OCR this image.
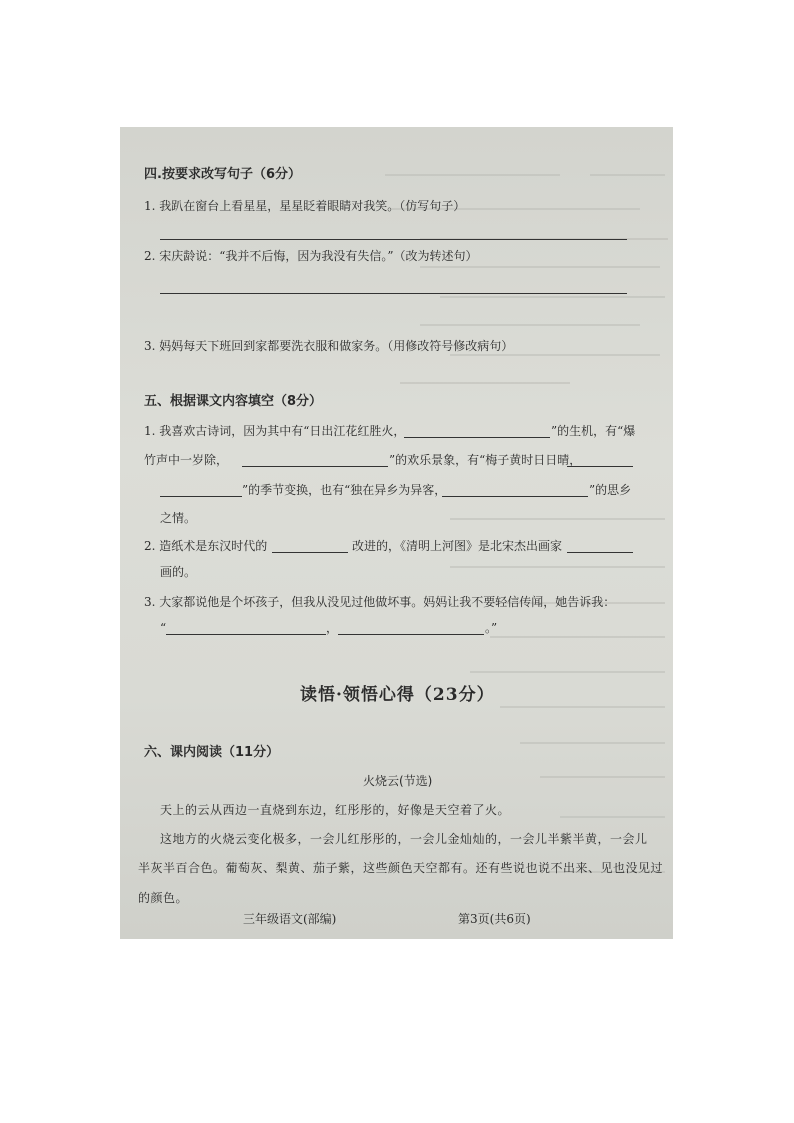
四.按要求改写句子（6分）
1. 我趴在窗台上看星星，星星眨着眼睛对我笑。（仿写句子）
2. 宋庆龄说：“我并不后悔，因为我没有失信。”（改为转述句）
3. 妈妈每天下班回到家都要洗衣服和做家务。（用修改符号修改病句）
五、根据课文内容填空（8分）
1. 我喜欢古诗词，因为其中有“日出江花红胜火，	”的生机，有“爆
竹声中一岁除，	”的欢乐景象，有“梅子黄时日日晴，
”的季节变换，也有“独在异乡为异客，	”的思乡
之情。
2. 造纸术是东汉时代的	改进的，《清明上河图》是北宋杰出画家
画的。
3. 大家都说他是个坏孩子，但我从没见过他做坏事。妈妈让我不要轻信传闻，她告诉我：
“	，	。”
读悟·领悟心得（23分）
六、课内阅读（11分）
火烧云(节选)
天上的云从西边一直烧到东边，红彤彤的，好像是天空着了火。
这地方的火烧云变化极多，一会儿红彤彤的，一会儿金灿灿的，一会儿半紫半黄，一会儿
半灰半百合色。葡萄灰、梨黄、茄子紫，这些颜色天空都有。还有些说也说不出来、见也没见过
的颜色。
三年级语文(部编)	第3页(共6页)
